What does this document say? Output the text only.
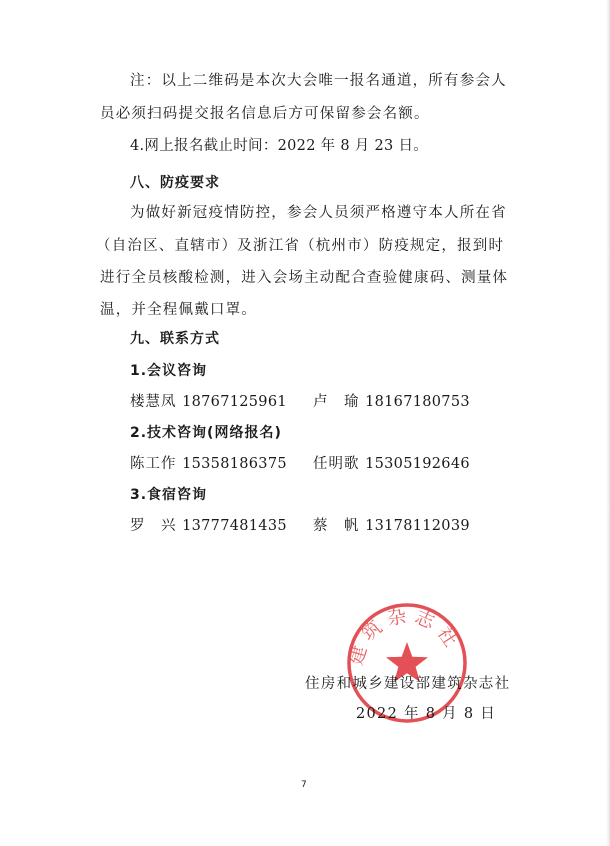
注：以上二维码是本次大会唯一报名通道，所有参会人
员必须扫码提交报名信息后方可保留参会名额。
4.网上报名截止时间：2022 年 8 月 23 日。
八、防疫要求
为做好新冠疫情防控，参会人员须严格遵守本人所在省
（自治区、直辖市）及浙江省（杭州市）防疫规定，报到时
进行全员核酸检测，进入会场主动配合查验健康码、测量体
温，并全程佩戴口罩。
九、联系方式
1.会议咨询
楼慧凤 18767125961 卢　瑜 18167180753
2.技术咨询(网络报名)
陈工作 15358186375 任明歌 15305192646
3.食宿咨询
罗　兴 13777481435 蔡　帆 13178112039
建筑杂志社
住房和城乡建设部建筑杂志社
2022 年 8 月 8 日
7
